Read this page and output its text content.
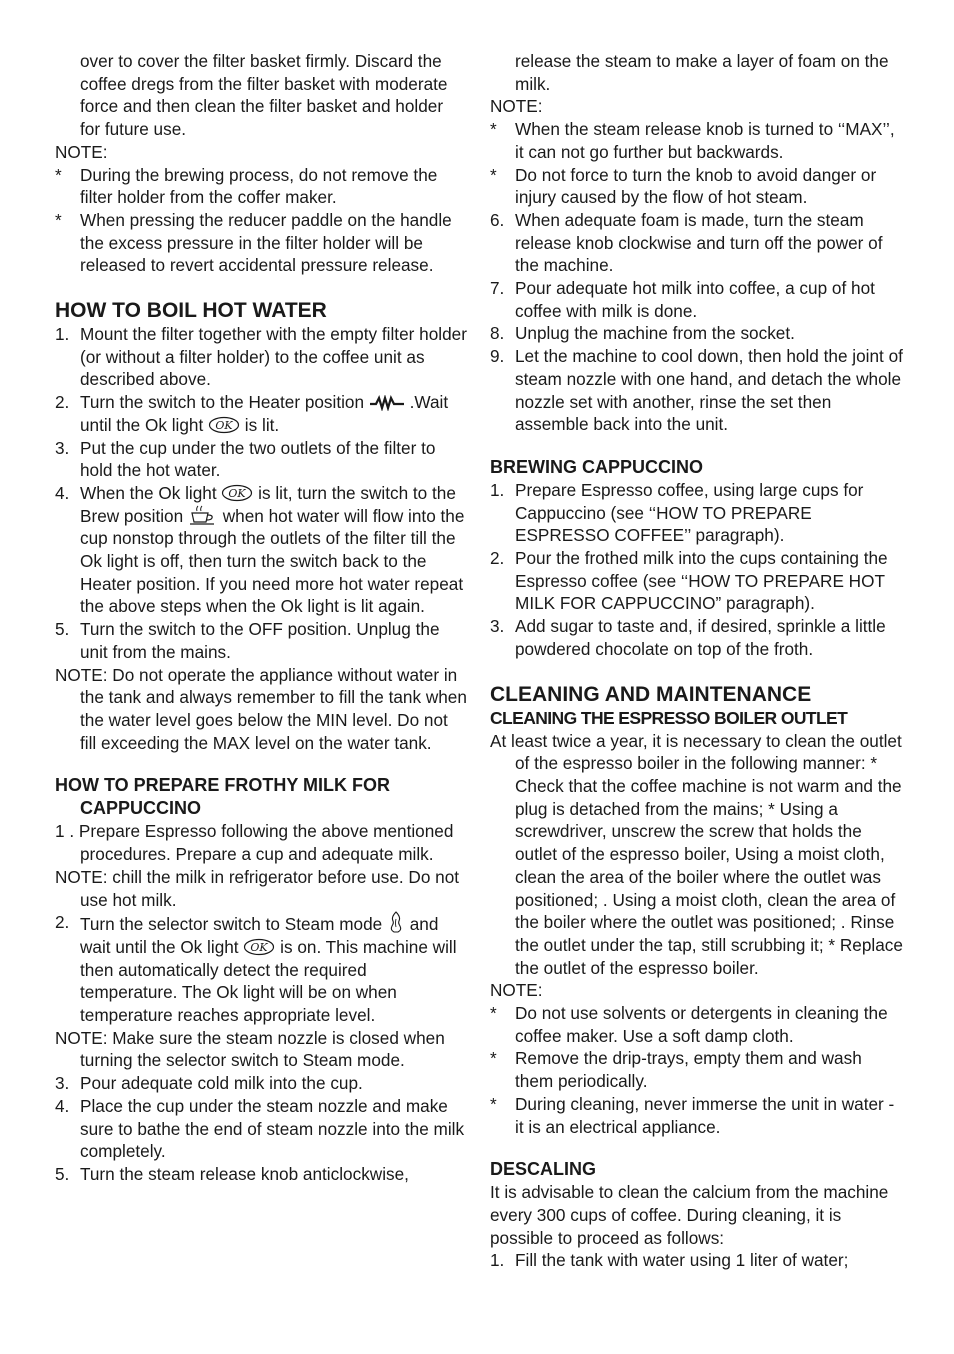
over to cover the filter basket firmly. Discard the coffee dregs from the filter basket with moderate force and then clean the filter basket and holder for future use.

NOTE:

*	During the brewing process, do not remove the filter holder from the coffer maker.
*	When pressing the reducer paddle on the handle the excess pressure in the filter holder will be released to revert accidental pressure release.
HOW TO BOIL HOT WATER
1. Mount the filter together with the empty filter holder (or without a filter holder) to the coffee unit as described above.
2. Turn the switch to the Heater position
.Wait until the Ok light OK is lit.
3. Put the cup under the two outlets of the filter to hold the hot water.
4. When the Ok light OK is lit, turn the switch to the Brew position
when hot water will flow into the cup nonstop through the outlets of the filter till the Ok light is off, then turn the switch back to the Heater position. If you need more hot water repeat the above steps when the Ok light is lit again.
5. Turn the switch to the OFF position. Unplug the unit from the mains.

NOTE: Do not operate the appliance without water in the tank and always remember to fill the tank when the water level goes below the MIN level. Do not fill exceeding the MAX level on the water tank.

HOW TO PREPARE FROTHY MILK FOR CAPPUCCINO

1 . Prepare Espresso following the above mentioned procedures. Prepare a cup and adequate milk.

NOTE: chill the milk in refrigerator before use. Do not use hot milk.

2. Turn the selector switch to Steam mode
and wait until the Ok light OK is on. This machine will then automatically detect the required temperature. The Ok light will be on when temperature reaches appropriate level.

NOTE: Make sure the steam nozzle is closed when turning the selector switch to Steam mode.

3. Pour adequate cold milk into the cup.
4. Place the cup under the steam nozzle and make sure to bathe the end of steam nozzle into the milk completely.
5. Turn the steam release knob anticlockwise,

release the steam to make a layer of foam on the milk.

NOTE:

*	When the steam release knob is turned to ‘‘MAX’’, it can not go further but backwards.
*	Do not force to turn the knob to avoid danger or injury caused by the flow of hot steam.
6. When adequate foam is made, turn the steam release knob clockwise and turn off the power of the machine.
7. Pour adequate hot milk into coffee, a cup of hot coffee with milk is done.
8. Unplug the machine from the socket.
9. Let the machine to cool down, then hold the joint of steam nozzle with one hand, and detach the whole nozzle set with another, rinse the set then assemble back into the unit.
BREWING CAPPUCCINO
1. Prepare Espresso coffee, using large cups for Cappuccino (see ‘‘HOW TO PREPARE ESPRESSO COFFEE’’ paragraph).
2. Pour the frothed milk into the cups containing the Espresso coffee (see ‘‘HOW TO PREPARE HOT MILK FOR CAPPUCCINO” paragraph).
3. Add sugar to taste and, if desired, sprinkle a little powdered chocolate on top of the froth.
CLEANING AND MAINTENANCE
CLEANING THE ESPRESSO BOILER OUTLET

At least twice a year, it is necessary to clean the outlet of the espresso boiler in the following manner: * Check that the coffee machine is not warm and the plug is detached from the mains; * Using a screwdriver, unscrew the screw that holds the outlet of the espresso boiler, Using a moist cloth, clean the area of the boiler where the outlet was positioned; . Using a moist cloth, clean the area of the boiler where the outlet was positioned; . Rinse the outlet under the tap, still scrubbing it; * Replace the outlet of the espresso boiler.

NOTE:

*	Do not use solvents or detergents in cleaning the coffee maker. Use a soft damp cloth.
*	Remove the drip-trays, empty them and wash them periodically.
*	During cleaning, never immerse the unit in water - it is an electrical appliance.
DESCALING

It is advisable to clean the calcium from the machine every 300 cups of coffee. During cleaning, it is possible to proceed as follows:

1. Fill the tank with water using 1 liter of water;
